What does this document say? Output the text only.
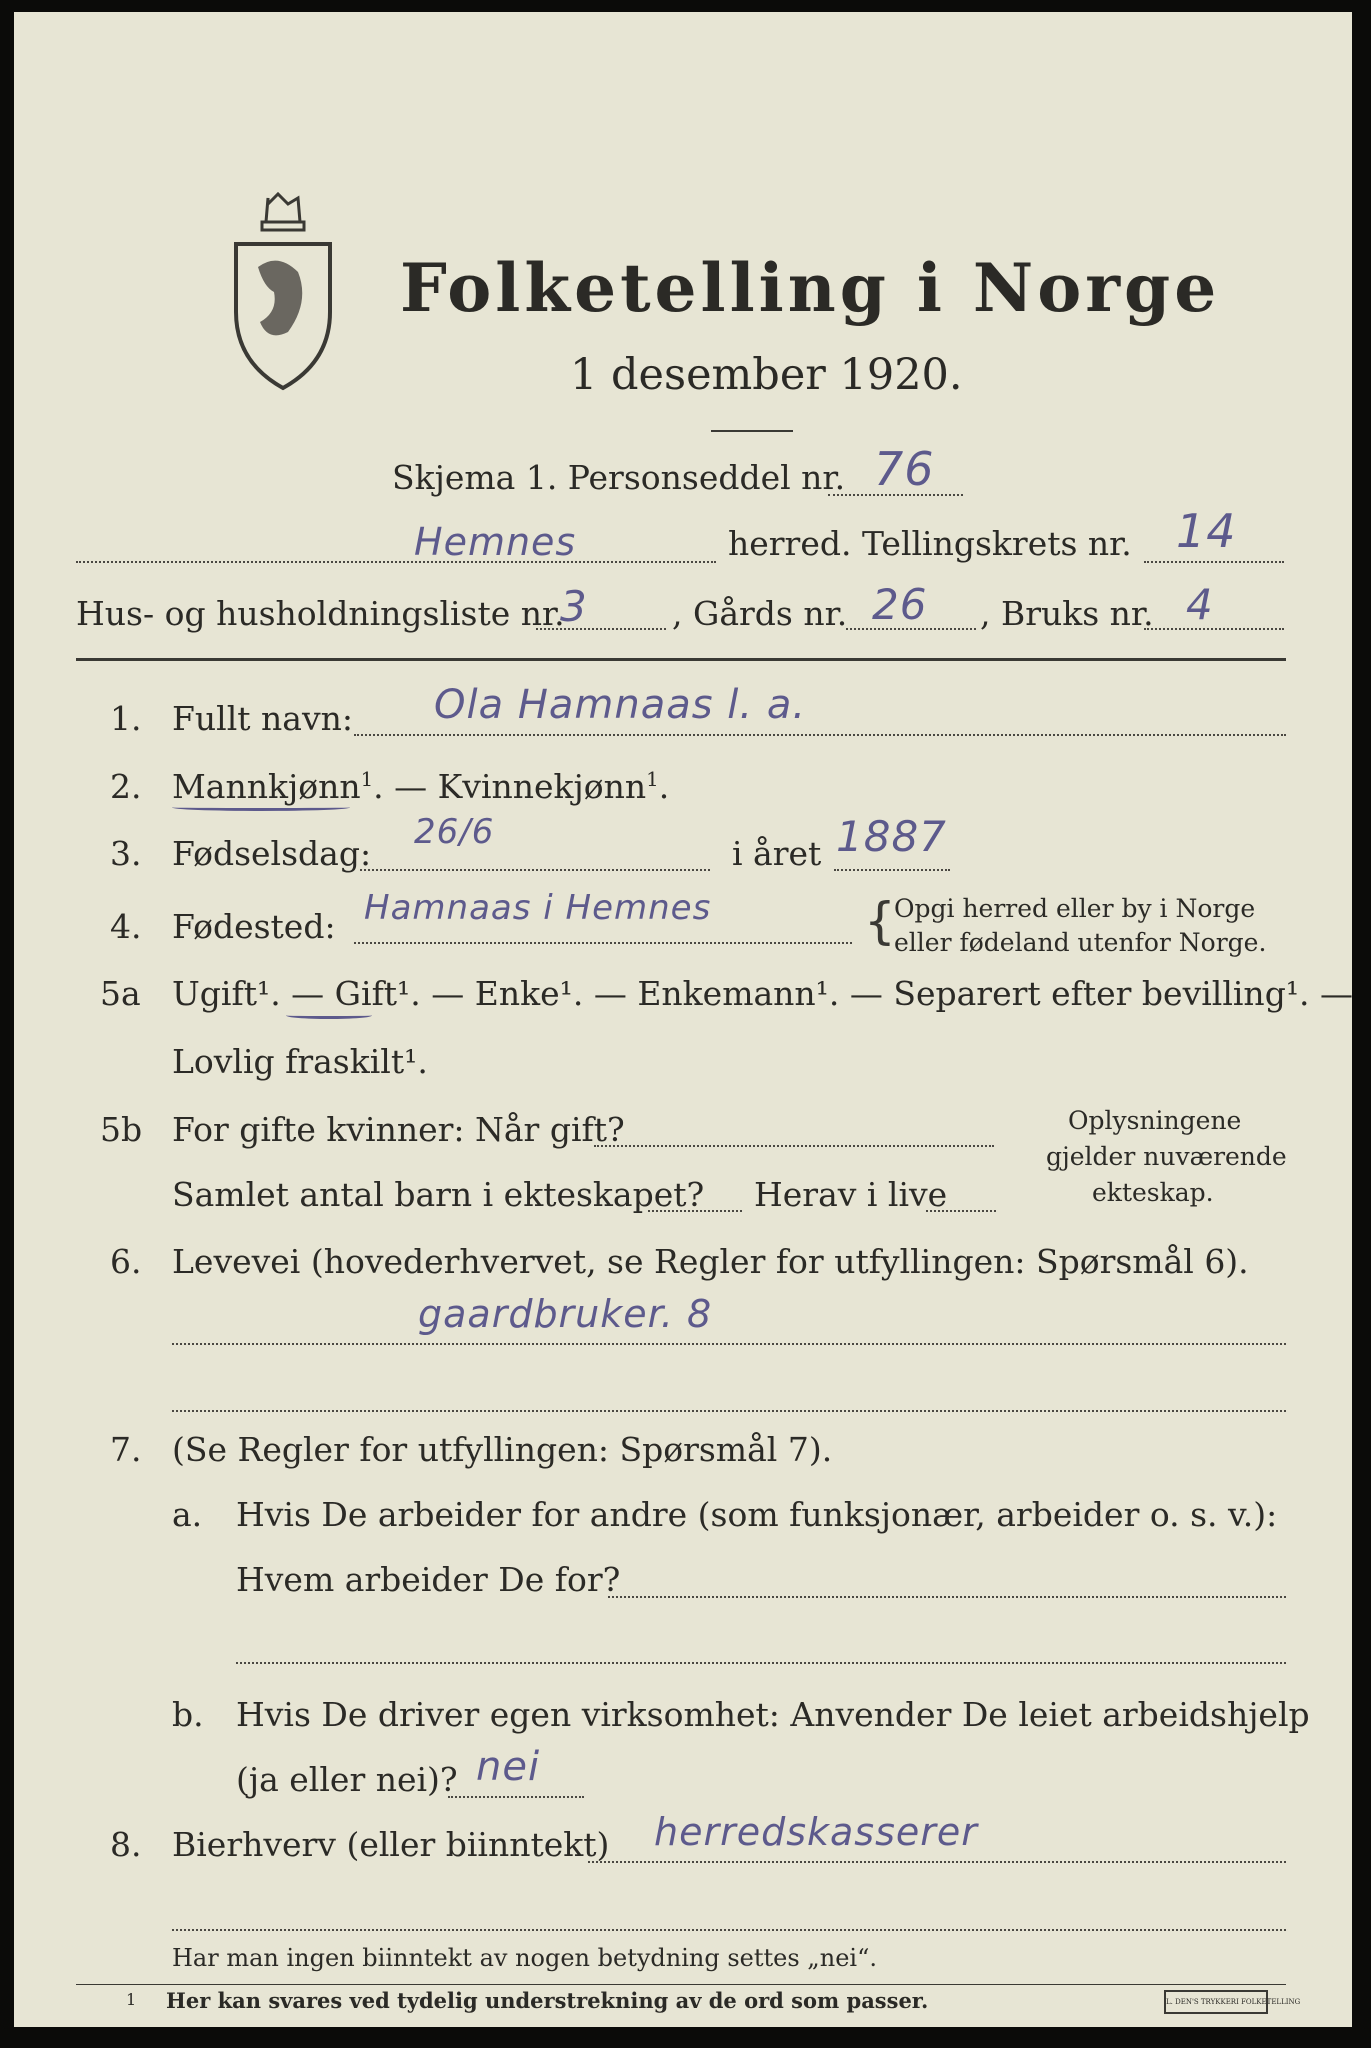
Folketelling i Norge
1 desember 1920.
Skjema 1. Personseddel nr. 76
Hemnes	herred. Tellingskrets nr. 14
Hus- og husholdningsliste nr.
3	, Gårds nr. 26 , Bruks nr. 4
1. Fullt navn: Ola Hamnaas l. a.
2. Mannkjønn$^1$. — Kvinnekjønn$^1$.
3. Fødselsdag:
26/6
i året 1887
4. Fødested: Hamnaas i Hemnes	{
Opgi herred eller by i Norge
eller fødeland utenfor Norge.
5a Ugift¹. — Gift¹. — Enke¹. — Enkemann¹. — Separert efter bevilling¹. —
Lovlig fraskilt¹.
5b For gifte kvinner: Når gift?
Samlet antal barn i ekteskapet? Herav i live
Oplysningene
gjelder nuværende
ekteskap.
6. Levevei (hovederhvervet, se Regler for utfyllingen: Spørsmål 6).
gaardbruker. 8
7. (Se Regler for utfyllingen: Spørsmål 7).
a. Hvis De arbeider for andre (som funksjonær, arbeider o. s. v.):
Hvem arbeider De for?
b. Hvis De driver egen virksomhet: Anvender De leiet arbeidshjelp
(ja eller nei)? nei
8. Bierhverv (eller biinntekt) herredskasserer
Har man ingen biinntekt av nogen betydning settes „nei“.
1 Her kan svares ved tydelig understrekning av de ord som passer.	L. DEN'S TRYKKERI FOLKETELLING
